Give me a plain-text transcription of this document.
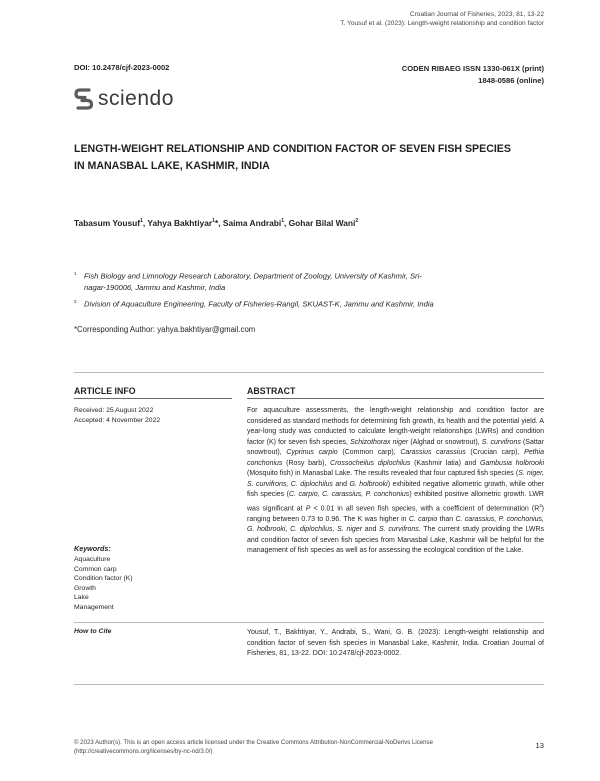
Croatian Journal of Fisheries, 2023, 81, 13-22
T. Yousuf et al. (2023): Length-weight relationship and condition factor
DOI: 10.2478/cjf-2023-0002	CODEN RIBAEG ISSN 1330-061X (print)
1848-0586 (online)
sciendo
LENGTH-WEIGHT RELATIONSHIP AND CONDITION FACTOR OF SEVEN FISH SPECIES
IN MANASBAL LAKE, KASHMIR, INDIA
Tabasum Yousuf$^1$, Yahya Bakhtiyar$^1$*, Saima Andrabi$^1$, Gohar Bilal Wani$^2$
$^1$ Fish Biology and Limnology Research Laboratory, Department of Zoology, University of Kashmir, Sri-
nagar-190006, Jammu and Kashmir, India
$^2$ Division of Aquaculture Engineering, Faculty of Fisheries-Rangil, SKUAST-K, Jammu and Kashmir, India
*Corresponding Author: yahya.bakhtiyar@gmail.com
ARTICLE INFO
Received: 25 August 2022
Accepted: 4 November 2022
Keywords:
Aquaculture
Common carp
Condition factor (K)
Growth
Lake
Management
How to Cite
ABSTRACT
For aquaculture assessments, the length-weight relationship and condition factor are considered as standard methods for determining fish growth, its health and the potential yield. A year-long study was conducted to calculate length-weight relationships (LWRs) and condition factor (K) for seven fish species, Schizothorax niger (Alghad or snowtrout), S. curvifrons (Sattar snowtrout), Cyprinus carpio (Common carp), Carassius carassius (Crucian carp), Pethia conchonius (Rosy barb), Crossocheilus diplochilus (Kashmir latia) and Gambusia holbrooki (Mosquito fish) in Manasbal Lake. The results revealed that four captured fish species (S. niger, S. curvifrons, C. diplochilus and G. holbrooki) exhibited negative allometric growth, while other fish species (C. carpio, C. carassius, P. conchonius) exhibited positive allometric growth. LWR was significant at P < 0.01 in all seven fish species, with a coefficient of determination $(R^2)$ ranging between 0.73 to 0.96. The K was higher in C. carpio than C. carassius, P. conchonius, G. holbrooki, C. diplochilus, S. niger and S. curvifrons. The current study providing the LWRs and condition factor of seven fish species from Manasbal Lake, Kashmir will be helpful for the management of fish species as well as for assessing the ecological condition of the Lake.
Yousuf, T., Bakhtiyar, Y., Andrabi, S., Wani, G. B. (2023): Length-weight relationship and condition factor of seven fish species in Manasbal Lake, Kashmir, India. Croatian Journal of Fisheries, 81, 13-22. DOI: 10.2478/cjf-2023-0002.
© 2023 Author(s). This is an open access article licensed under the Creative Commons Attribution-NonCommercial-NoDerivs License
(http://creativecommons.org/licenses/by-nc-nd/3.0/)
13
